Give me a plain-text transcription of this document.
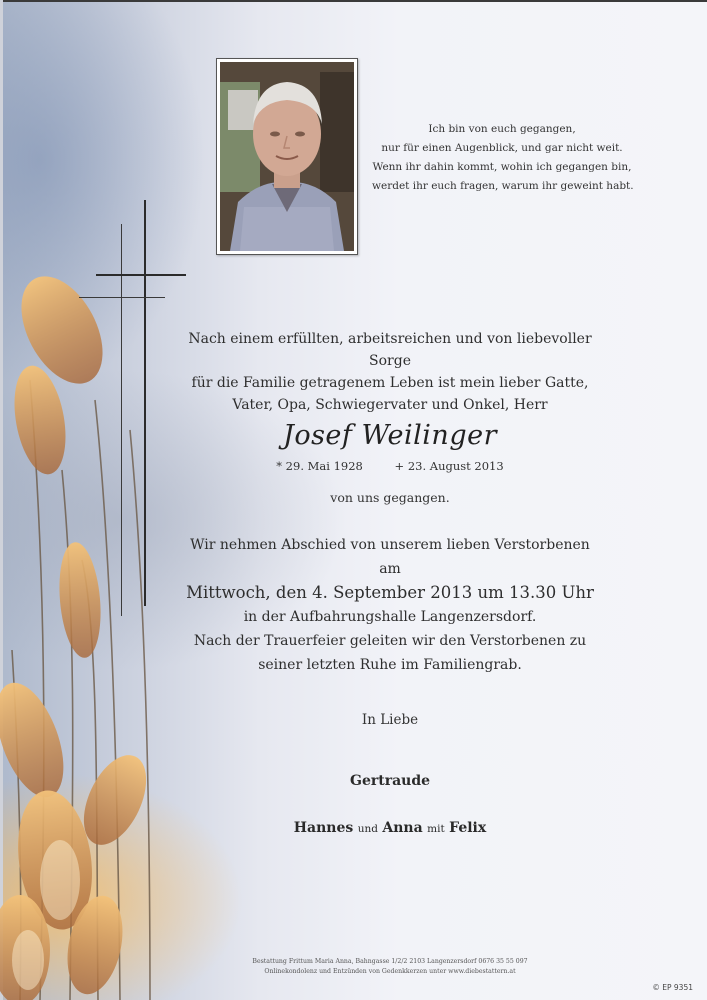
Ich bin von euch gegangen,
nur für einen Augenblick, und gar nicht weit.
Wenn ihr dahin kommt, wohin ich gegangen bin,
werdet ihr euch fragen, warum ihr geweint habt.
Nach einem erfüllten, arbeitsreichen und von liebevoller Sorge
für die Familie getragenem Leben ist mein lieber Gatte,
Vater, Opa, Schwiegervater und Onkel, Herr
Josef Weilinger
* 29. Mai 1928	+ 23. August 2013
von uns gegangen.
Wir nehmen Abschied von unserem lieben Verstorbenen am
Mittwoch, den 4. September 2013 um 13.30 Uhr
in der Aufbahrungshalle Langenzersdorf.
Nach der Trauerfeier geleiten wir den Verstorbenen zu
seiner letzten Ruhe im Familiengrab.
In Liebe
Gertraude
Hannes und Anna mit Felix
Bestattung Frittum Maria Anna, Bahngasse 1/2/2 2103 Langenzersdorf 0676 35 55 097
Onlinekondolenz und Entzünden von Gedenkkerzen unter www.diebestattern.at
© EP 9351
